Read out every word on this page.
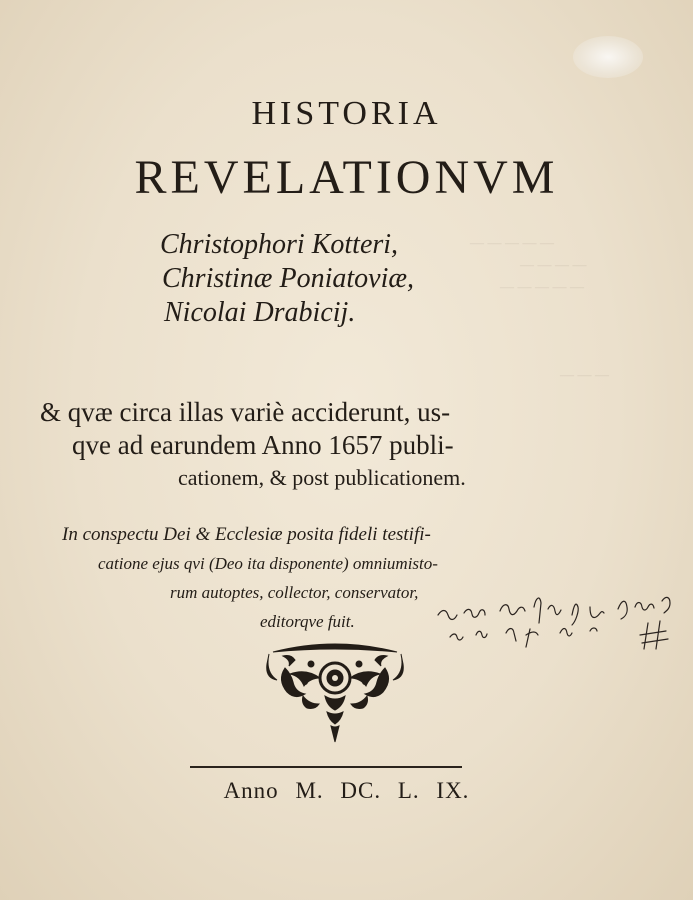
— — — — —
— — — —
— — — — —
— — —
HISTORIA
REVELATIONVM
Christophori Kotteri,
Christinæ Poniatoviæ,
Nicolai Drabicij.
& qvæ circa illas variè acciderunt, us-
qve ad earundem Anno 1657 publi-
cationem, & post publicationem.
In conspectu Dei & Ecclesiæ posita fideli testifi-
catione ejus qvi (Deo ita disponente) omniumisto-
rum autoptes, collector, conservator,
editorqve fuit.
Anno M. DC. L. IX.
